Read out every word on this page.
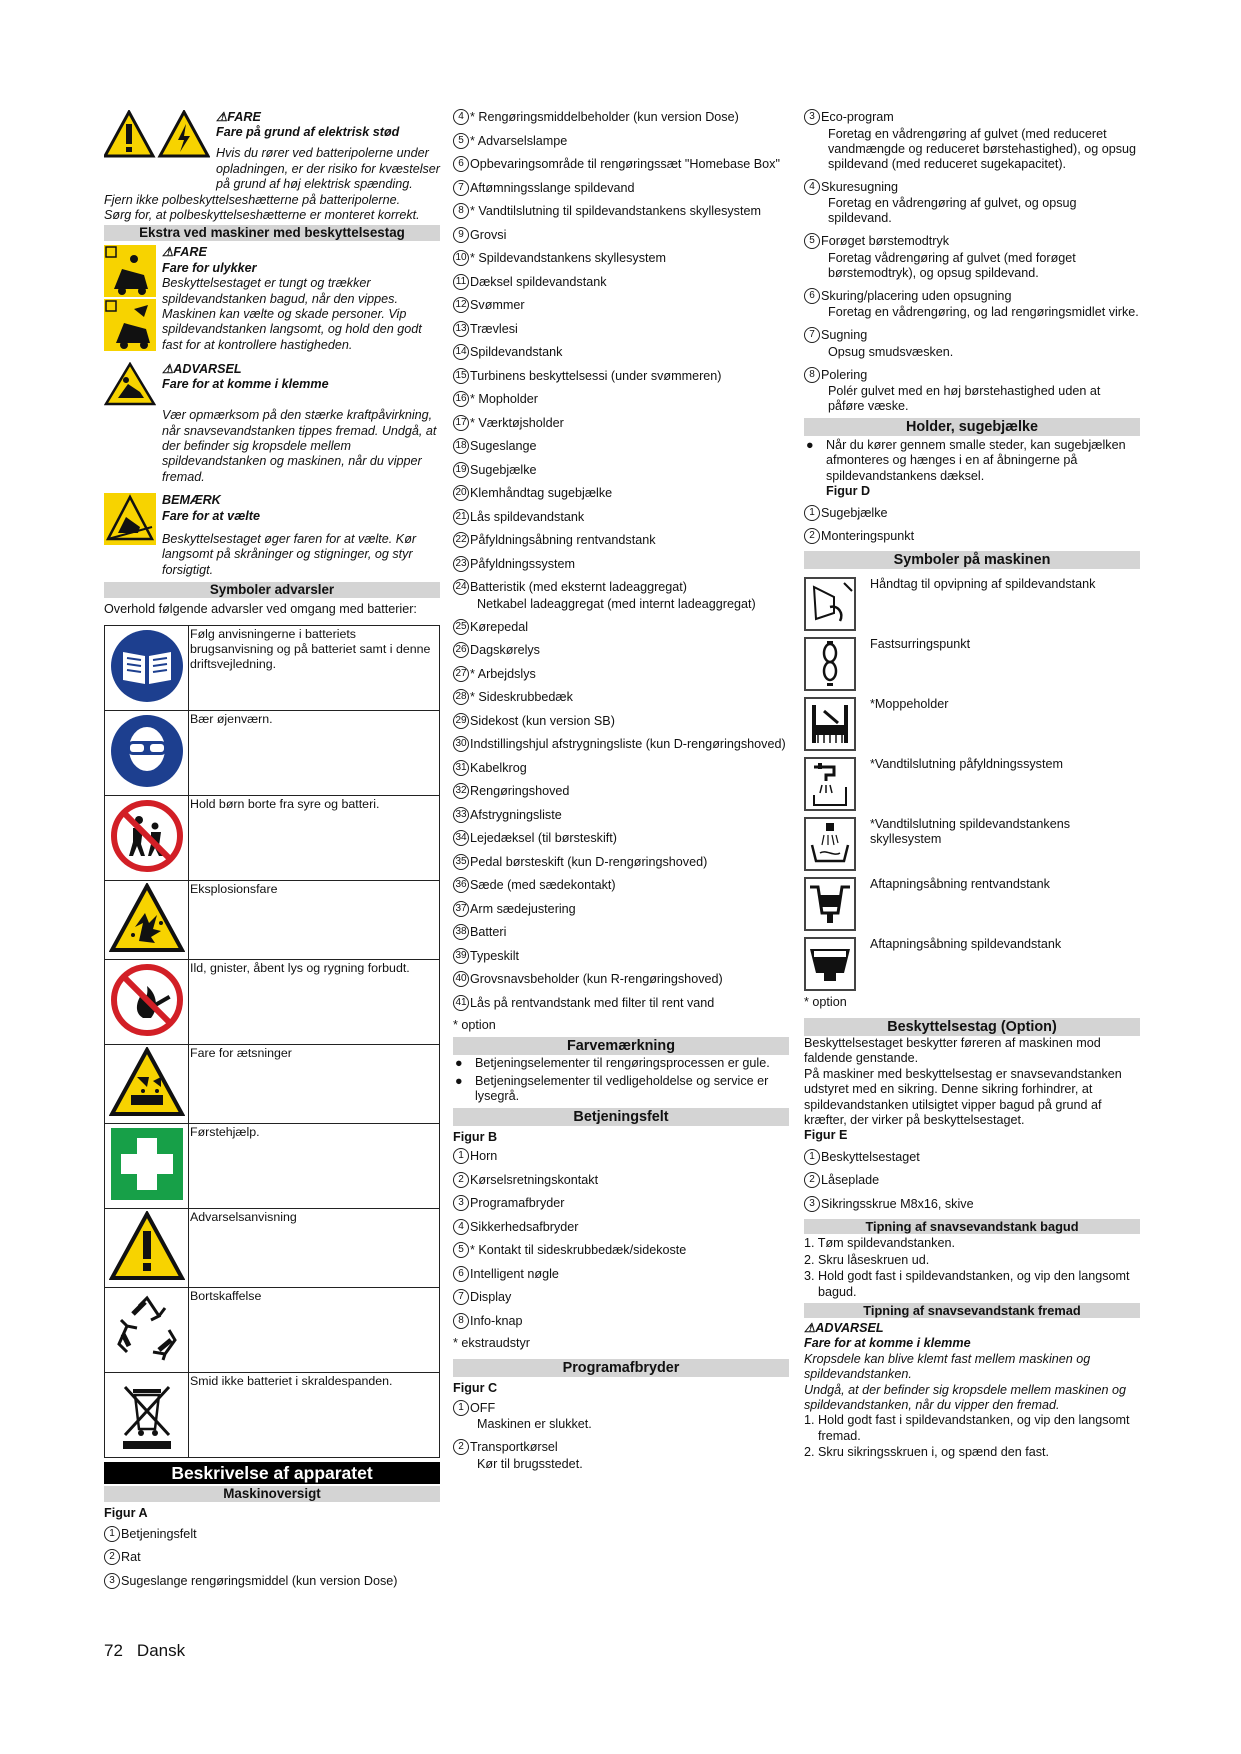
⚠FARE
Fare på grund af elektrisk stød
Hvis du rører ved batteripolerne under opladningen, er der risiko for kvæstelser på grund af høj elektrisk spænding.
Fjern ikke polbeskyttelseshætterne på batteripolerne.
Sørg for, at polbeskyttelseshætterne er monteret korrekt.
Ekstra ved maskiner med beskyttelsestag
⚠FARE
Fare for ulykker
Beskyttelsestaget er tungt og trækker spildevandstanken bagud, når den vippes. Maskinen kan vælte og skade personer. Vip spildevandstanken langsomt, og hold den godt fast for at kontrollere hastigheden.
⚠ADVARSEL
Fare for at komme i klemme
Vær opmærksom på den stærke kraftpåvirkning, når snavsevandstanken tippes fremad. Undgå, at der befinder sig kropsdele mellem spildevandstanken og maskinen, når du vipper fremad.
BEMÆRK
Fare for at vælte
Beskyttelsestaget øger faren for at vælte. Kør langsomt på skråninger og stigninger, og styr forsigtigt.
Symboler advarsler
Overhold følgende advarsler ved omgang med batterier:
	Følg anvisningerne i batteriets brugsanvisning og på batteriet samt i denne driftsvejledning.
	Bær øjenværn.
	Hold børn borte fra syre og batteri.
	Eksplosionsfare
	Ild, gnister, åbent lys og rygning forbudt.
	Fare for ætsninger
	Førstehjælp.
	Advarselsanvisning
	Bortskaffelse
	Smid ikke batteriet i skraldespanden.
Beskrivelse af apparatet
Maskinoversigt
Figur A
1 Betjeningsfelt
2 Rat
3 Sugeslange rengøringsmiddel (kun version Dose)
4 * Rengøringsmiddelbeholder (kun version Dose)
5 * Advarselslampe
6 Opbevaringsområde til rengøringssæt "Homebase Box"
7 Aftømningsslange spildevand
8 * Vandtilslutning til spildevandstankens skyllesystem
9 Grovsi
10 * Spildevandstankens skyllesystem
11 Dæksel spildevandstank
12 Svømmer
13 Trævlesi
14 Spildevandstank
15 Turbinens beskyttelsessi (under svømmeren)
16 * Mopholder
17 * Værktøjsholder
18 Sugeslange
19 Sugebjælke
20 Klemhåndtag sugebjælke
21 Lås spildevandstank
22 Påfyldningsåbning rentvandstank
23 Påfyldningssystem
24 Batteristik (med eksternt ladeaggregat)
Netkabel ladeaggregat (med internt ladeaggregat)
25 Kørepedal
26 Dagskørelys
27 * Arbejdslys
28 * Sideskrubbedæk
29 Sidekost (kun version SB)
30 Indstillingshjul afstrygningsliste (kun D-rengøringshoved)
31 Kabelkrog
32 Rengøringshoved
33 Afstrygningsliste
34 Lejedæksel (til børsteskift)
35 Pedal børsteskift (kun D-rengøringshoved)
36 Sæde (med sædekontakt)
37 Arm sædejustering
38 Batteri
39 Typeskilt
40 Grovsnavsbeholder (kun R-rengøringshoved)
41 Lås på rentvandstank med filter til rent vand
* option
Farvemærkning
● Betjeningselementer til rengøringsprocessen er gule.
● Betjeningselementer til vedligeholdelse og service er lysegrå.
Betjeningsfelt
Figur B
1 Horn
2 Kørselsretningskontakt
3 Programafbryder
4 Sikkerhedsafbryder
5 * Kontakt til sideskrubbedæk/sidekoste
6 Intelligent nøgle
7 Display
8 Info-knap
* ekstraudstyr
Programafbryder
Figur C
1 OFF
Maskinen er slukket.
2 Transportkørsel
Kør til brugsstedet.
3 Eco-program
Foretag en vådrengøring af gulvet (med reduceret vandmængde og reduceret børstehastighed), og opsug spildevand (med reduceret sugekapacitet).
4 Skuresugning
Foretag en vådrengøring af gulvet, og opsug spildevand.
5 Forøget børstemodtryk
Foretag vådrengøring af gulvet (med forøget børstemodtryk), og opsug spildevand.
6 Skuring/placering uden opsugning
Foretag en vådrengøring, og lad rengøringsmidlet virke.
7 Sugning
Opsug smudsvæsken.
8 Polering
Polér gulvet med en høj børstehastighed uden at påføre væske.
Holder, sugebjælke
● Når du kører gennem smalle steder, kan sugebjælken afmonteres og hænges i en af åbningerne på spildevandstankens dæksel.
Figur D
1 Sugebjælke
2 Monteringspunkt
Symboler på maskinen
Håndtag til opvipning af spildevandstank
Fastsurringspunkt
*Moppeholder
*Vandtilslutning påfyldningssystem
*Vandtilslutning spildevandstankens skyllesystem
Aftapningsåbning rentvandstank
Aftapningsåbning spildevandstank
* option
Beskyttelsestag (Option)
Beskyttelsestaget beskytter føreren af maskinen mod faldende genstande.
På maskiner med beskyttelsestag er snavsevandstanken udstyret med en sikring. Denne sikring forhindrer, at spildevandstanken utilsigtet vipper bagud på grund af kræfter, der virker på beskyttelsestaget.
Figur E
1 Beskyttelsestaget
2 Låseplade
3 Sikringsskrue M8x16, skive
Tipning af snavsevandstank bagud
1. Tøm spildevandstanken.
2. Skru låseskruen ud.
3. Hold godt fast i spildevandstanken, og vip den langsomt bagud.
Tipning af snavsevandstank fremad
⚠ADVARSEL
Fare for at komme i klemme
Kropsdele kan blive klemt fast mellem maskinen og spildevandstanken.
Undgå, at der befinder sig kropsdele mellem maskinen og spildevandstanken, når du vipper den fremad.
1. Hold godt fast i spildevandstanken, og vip den langsomt fremad.
2. Skru sikringsskruen i, og spænd den fast.
72 Dansk
